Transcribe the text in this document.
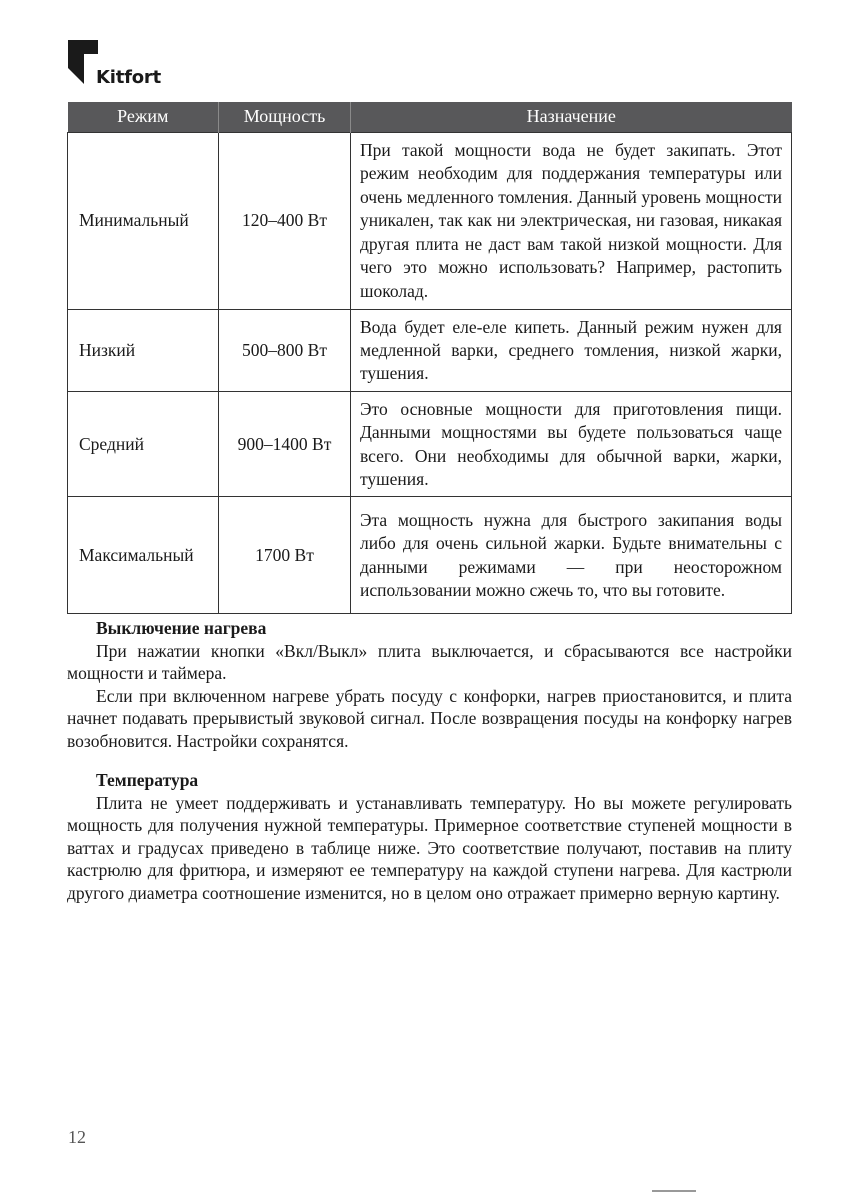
Kitfort
Режим	Мощность	Назначение
Минимальный	120–400 Вт	При такой мощности вода не будет закипать. Этот режим необходим для поддержания температуры или очень медленного томления. Данный уровень мощности уникален, так как ни электрическая, ни газовая, никакая другая плита не даст вам такой низкой мощности. Для чего это можно использовать? Например, растопить шоколад.
Низкий	500–800 Вт	Вода будет еле-еле кипеть. Данный режим нужен для медленной варки, среднего томления, низкой жарки, тушения.
Средний	900–1400 Вт	Это основные мощности для приготовления пищи. Данными мощностями вы будете пользоваться чаще всего. Они необходимы для обычной варки, жарки, тушения.
Максимальный	1700 Вт	Эта мощность нужна для быстрого закипания воды либо для очень сильной жарки. Будьте внимательны с данными режимами — при неосторожном использовании можно сжечь то, что вы готовите.
Выключение нагрева

При нажатии кнопки «Вкл/Выкл» плита выключается, и сбрасываются все настройки мощности и таймера.

Если при включенном нагреве убрать посуду с конфорки, нагрев приостановится, и плита начнет подавать прерывистый звуковой сигнал. После возвращения посуды на конфорку нагрев возобновится. Настройки сохранятся.

Температура

Плита не умеет поддерживать и устанавливать температуру. Но вы можете регулировать мощность для получения нужной температуры. Примерное соответствие ступеней мощности в ваттах и градусах приведено в таблице ниже. Это соответствие получают, поставив на плиту кастрюлю для фритюра, и измеряют ее температуру на каждой ступени нагрева. Для кастрюли другого диаметра соотношение изменится, но в целом оно отражает примерно верную картину.

12
